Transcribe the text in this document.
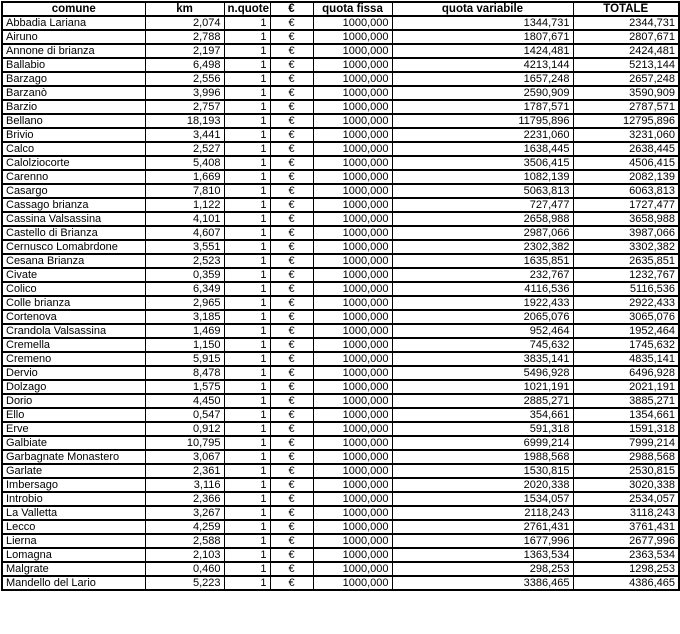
comune	km	n.quote	€	quota fissa	quota variabile	TOTALE
Abbadia Lariana	2,074	1	€	1000,000	1344,731	2344,731
Airuno	2,788	1	€	1000,000	1807,671	2807,671
Annone di brianza	2,197	1	€	1000,000	1424,481	2424,481
Ballabio	6,498	1	€	1000,000	4213,144	5213,144
Barzago	2,556	1	€	1000,000	1657,248	2657,248
Barzanò	3,996	1	€	1000,000	2590,909	3590,909
Barzio	2,757	1	€	1000,000	1787,571	2787,571
Bellano	18,193	1	€	1000,000	11795,896	12795,896
Brivio	3,441	1	€	1000,000	2231,060	3231,060
Calco	2,527	1	€	1000,000	1638,445	2638,445
Calolziocorte	5,408	1	€	1000,000	3506,415	4506,415
Carenno	1,669	1	€	1000,000	1082,139	2082,139
Casargo	7,810	1	€	1000,000	5063,813	6063,813
Cassago brianza	1,122	1	€	1000,000	727,477	1727,477
Cassina Valsassina	4,101	1	€	1000,000	2658,988	3658,988
Castello di Brianza	4,607	1	€	1000,000	2987,066	3987,066
Cernusco Lomabrdone	3,551	1	€	1000,000	2302,382	3302,382
Cesana Brianza	2,523	1	€	1000,000	1635,851	2635,851
Civate	0,359	1	€	1000,000	232,767	1232,767
Colico	6,349	1	€	1000,000	4116,536	5116,536
Colle brianza	2,965	1	€	1000,000	1922,433	2922,433
Cortenova	3,185	1	€	1000,000	2065,076	3065,076
Crandola Valsassina	1,469	1	€	1000,000	952,464	1952,464
Cremella	1,150	1	€	1000,000	745,632	1745,632
Cremeno	5,915	1	€	1000,000	3835,141	4835,141
Dervio	8,478	1	€	1000,000	5496,928	6496,928
Dolzago	1,575	1	€	1000,000	1021,191	2021,191
Dorio	4,450	1	€	1000,000	2885,271	3885,271
Ello	0,547	1	€	1000,000	354,661	1354,661
Erve	0,912	1	€	1000,000	591,318	1591,318
Galbiate	10,795	1	€	1000,000	6999,214	7999,214
Garbagnate Monastero	3,067	1	€	1000,000	1988,568	2988,568
Garlate	2,361	1	€	1000,000	1530,815	2530,815
Imbersago	3,116	1	€	1000,000	2020,338	3020,338
Introbio	2,366	1	€	1000,000	1534,057	2534,057
La Valletta	3,267	1	€	1000,000	2118,243	3118,243
Lecco	4,259	1	€	1000,000	2761,431	3761,431
Lierna	2,588	1	€	1000,000	1677,996	2677,996
Lomagna	2,103	1	€	1000,000	1363,534	2363,534
Malgrate	0,460	1	€	1000,000	298,253	1298,253
Mandello del Lario	5,223	1	€	1000,000	3386,465	4386,465
